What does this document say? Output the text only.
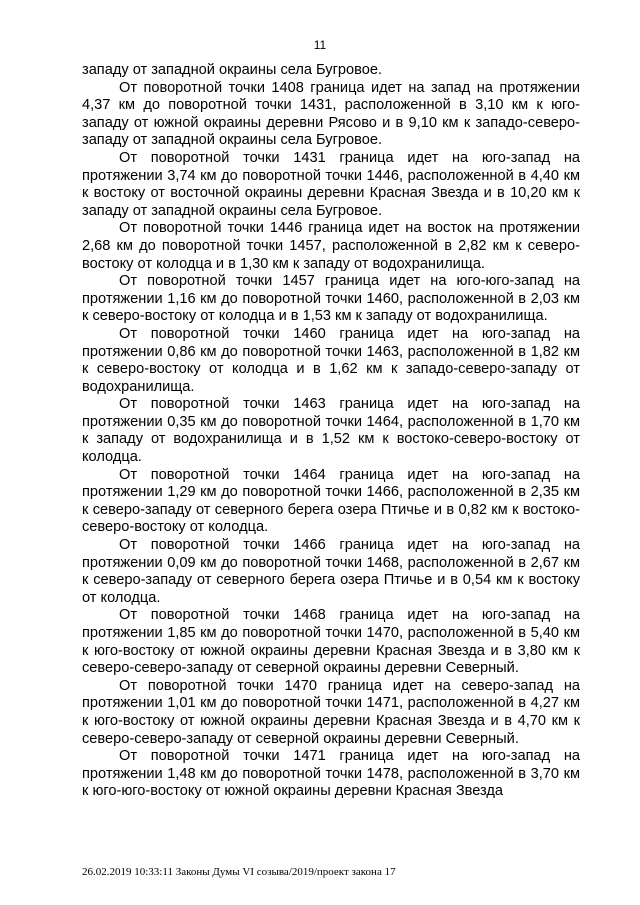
11

западу от западной окраины села Бугровое.

От поворотной точки 1408 граница идет на запад на протяжении 4,37 км до поворотной точки 1431, расположенной в 3,10 км к юго-западу от южной окраины деревни Рясово и в 9,10 км к западо-северо-западу от западной окраины села Бугровое.

От поворотной точки 1431 граница идет на юго-запад на протяжении 3,74 км до поворотной точки 1446, расположенной в 4,40 км к востоку от восточной окраины деревни Красная Звезда и в 10,20 км к западу от западной окраины села Бугровое.

От поворотной точки 1446 граница идет на восток на протяжении 2,68 км до поворотной точки 1457, расположенной в 2,82 км к северо-востоку от колодца и в 1,30 км к западу от водохранилища.

От поворотной точки 1457 граница идет на юго-юго-запад на протяжении 1,16 км до поворотной точки 1460, расположенной в 2,03 км к северо-востоку от колодца и в 1,53 км к западу от водохранилища.

От поворотной точки 1460 граница идет на юго-запад на протяжении 0,86 км до поворотной точки 1463, расположенной в 1,82 км к северо-востоку от колодца и в 1,62 км к западо-северо-западу от водохранилища.

От поворотной точки 1463 граница идет на юго-запад на протяжении 0,35 км до поворотной точки 1464, расположенной в 1,70 км к западу от водохранилища и в 1,52 км к востоко-северо-востоку от колодца.

От поворотной точки 1464 граница идет на юго-запад на протяжении 1,29 км до поворотной точки 1466, расположенной в 2,35 км к северо-западу от северного берега озера Птичье и в 0,82 км к востоко-северо-востоку от колодца.

От поворотной точки 1466 граница идет на юго-запад на протяжении 0,09 км до поворотной точки 1468, расположенной в 2,67 км к северо-западу от северного берега озера Птичье и в 0,54 км к востоку от колодца.

От поворотной точки 1468 граница идет на юго-запад на протяжении 1,85 км до поворотной точки 1470, расположенной в 5,40 км к юго-востоку от южной окраины деревни Красная Звезда и в 3,80 км к северо-северо-западу от северной окраины деревни Северный.

От поворотной точки 1470 граница идет на северо-запад на протяжении 1,01 км до поворотной точки 1471, расположенной в 4,27 км к юго-востоку от южной окраины деревни Красная Звезда и в 4,70 км к северо-северо-западу от северной окраины деревни Северный.

От поворотной точки 1471 граница идет на юго-запад на протяжении 1,48 км до поворотной точки 1478, расположенной в 3,70 км к юго-юго-востоку от южной окраины деревни Красная Звезда

26.02.2019 10:33:11 Законы Думы VI созыва/2019/проект закона 17
